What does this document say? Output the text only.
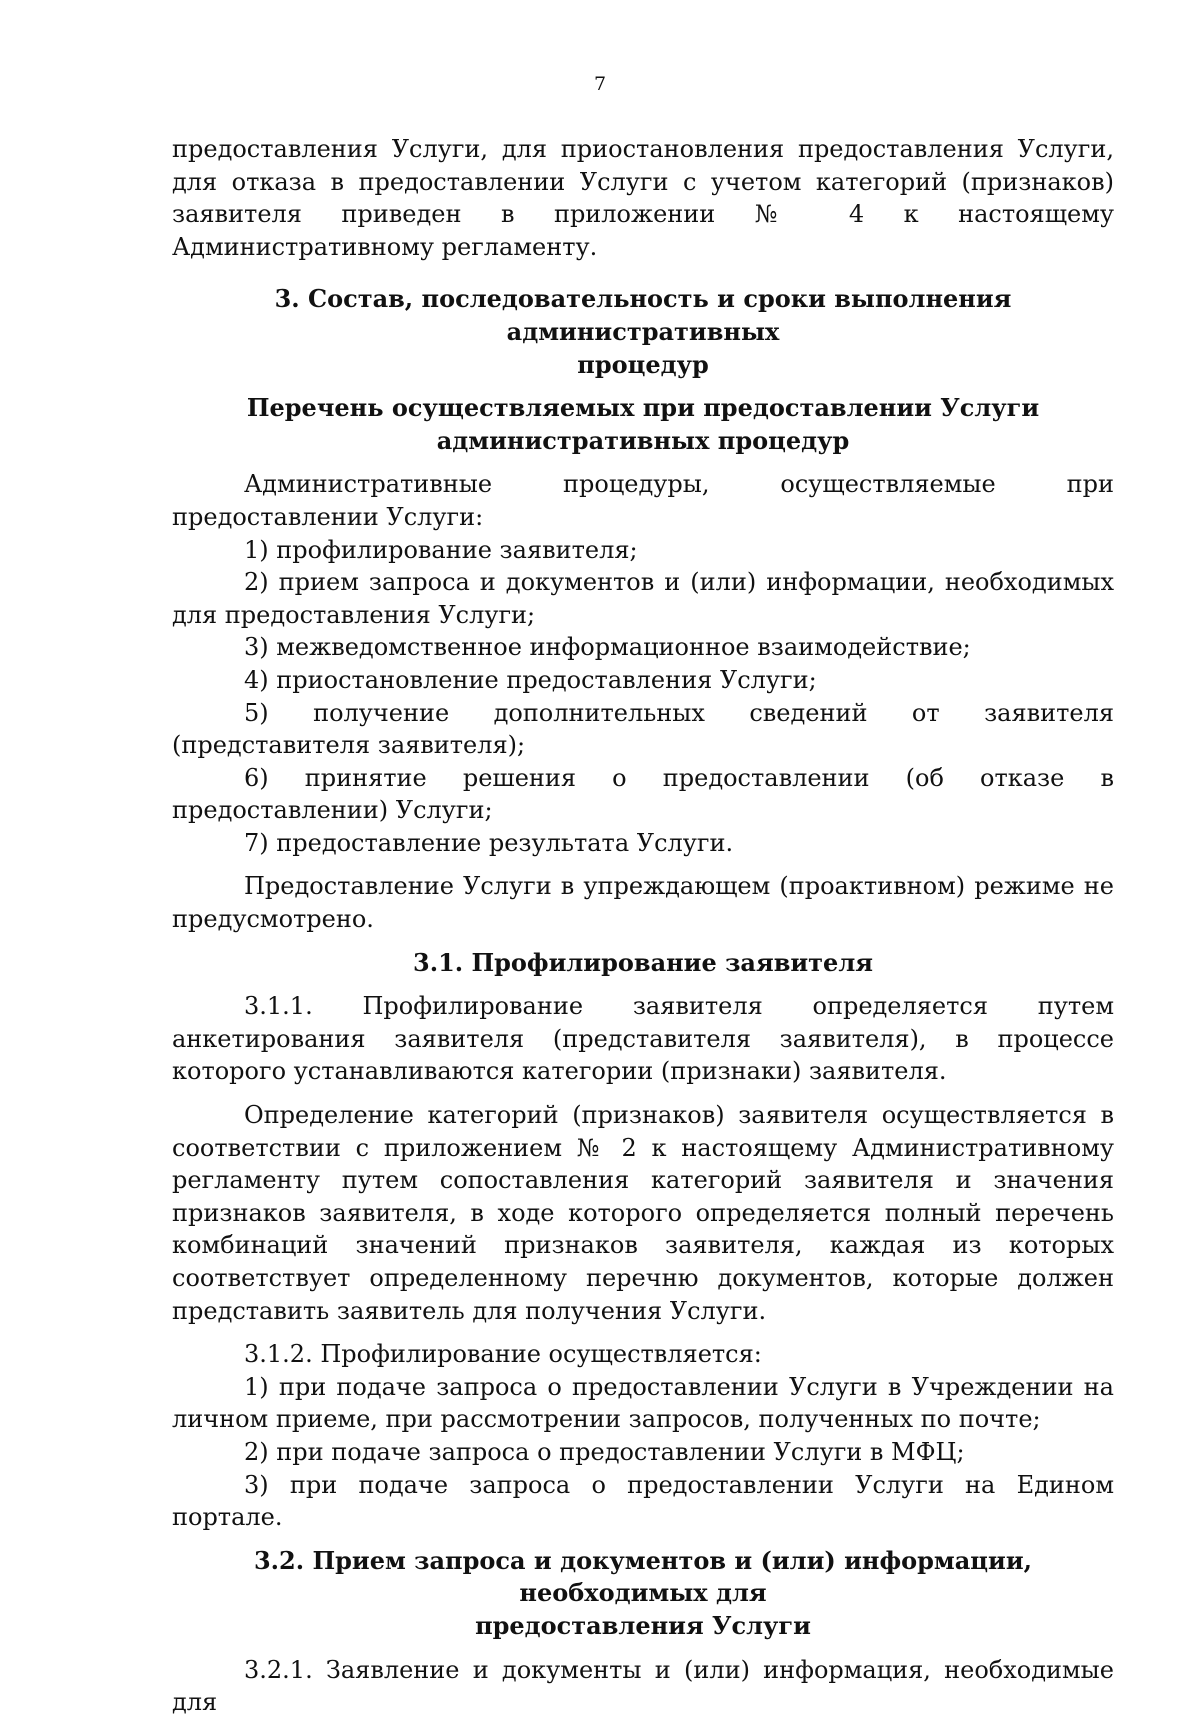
7

предоставления Услуги, для приостановления предоставления Услуги, для отказа в предоставлении Услуги с учетом категорий (признаков) заявителя приведен в приложении № 4 к настоящему Административному регламенту.

3. Состав, последовательность и сроки выполнения административных
процедур
Перечень осуществляемых при предоставлении Услуги
административных процедур

Административные процедуры, осуществляемые при предоставлении Услуги:

1) профилирование заявителя;

2) прием запроса и документов и (или) информации, необходимых для предоставления Услуги;

3) межведомственное информационное взаимодействие;

4) приостановление предоставления Услуги;

5) получение дополнительных сведений от заявителя (представителя заявителя);

6) принятие решения о предоставлении (об отказе в предоставлении) Услуги;

7) предоставление результата Услуги.

Предоставление Услуги в упреждающем (проактивном) режиме не предусмотрено.

3.1. Профилирование заявителя

3.1.1. Профилирование заявителя определяется путем анкетирования заявителя (представителя заявителя), в процессе которого устанавливаются категории (признаки) заявителя.

Определение категорий (признаков) заявителя осуществляется в соответствии с приложением № 2 к настоящему Административному регламенту путем сопоставления категорий заявителя и значения признаков заявителя, в ходе которого определяется полный перечень комбинаций значений признаков заявителя, каждая из которых соответствует определенному перечню документов, которые должен представить заявитель для получения Услуги.

3.1.2. Профилирование осуществляется:

1) при подаче запроса о предоставлении Услуги в Учреждении на личном приеме, при рассмотрении запросов, полученных по почте;

2) при подаче запроса о предоставлении Услуги в МФЦ;

3) при подаче запроса о предоставлении Услуги на Едином портале.

3.2. Прием запроса и документов и (или) информации, необходимых для
предоставления Услуги

3.2.1. Заявление и документы и (или) информация, необходимые для
